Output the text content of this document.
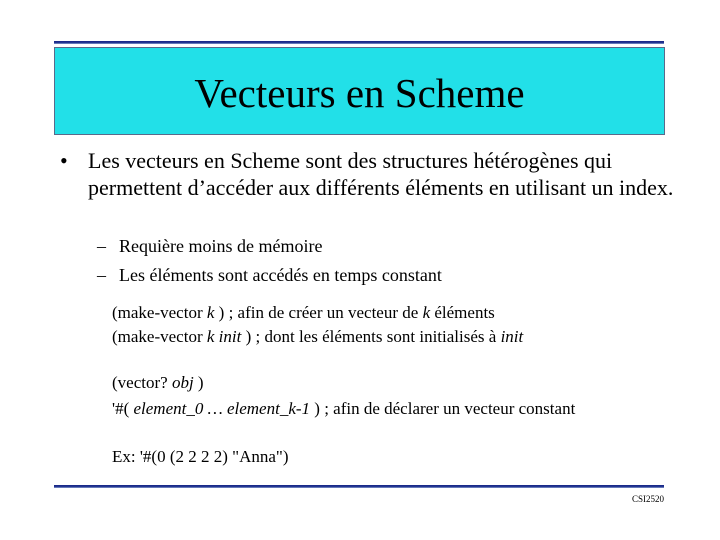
Vecteurs en Scheme
• Les vecteurs en Scheme sont des structures hétérogènes qui permettent d’accéder aux différents éléments en utilisant un index.
– Requière moins de mémoire
– Les éléments sont accédés en temps constant
(make-vector k ) ; afin de créer un vecteur de k éléments
(make-vector k init ) ; dont les éléments sont initialisés à init
(vector? obj )
'#( element_0 … element_k-1 ) ; afin de déclarer un vecteur constant
Ex: '#(0 (2 2 2 2) "Anna")
CSI2520
